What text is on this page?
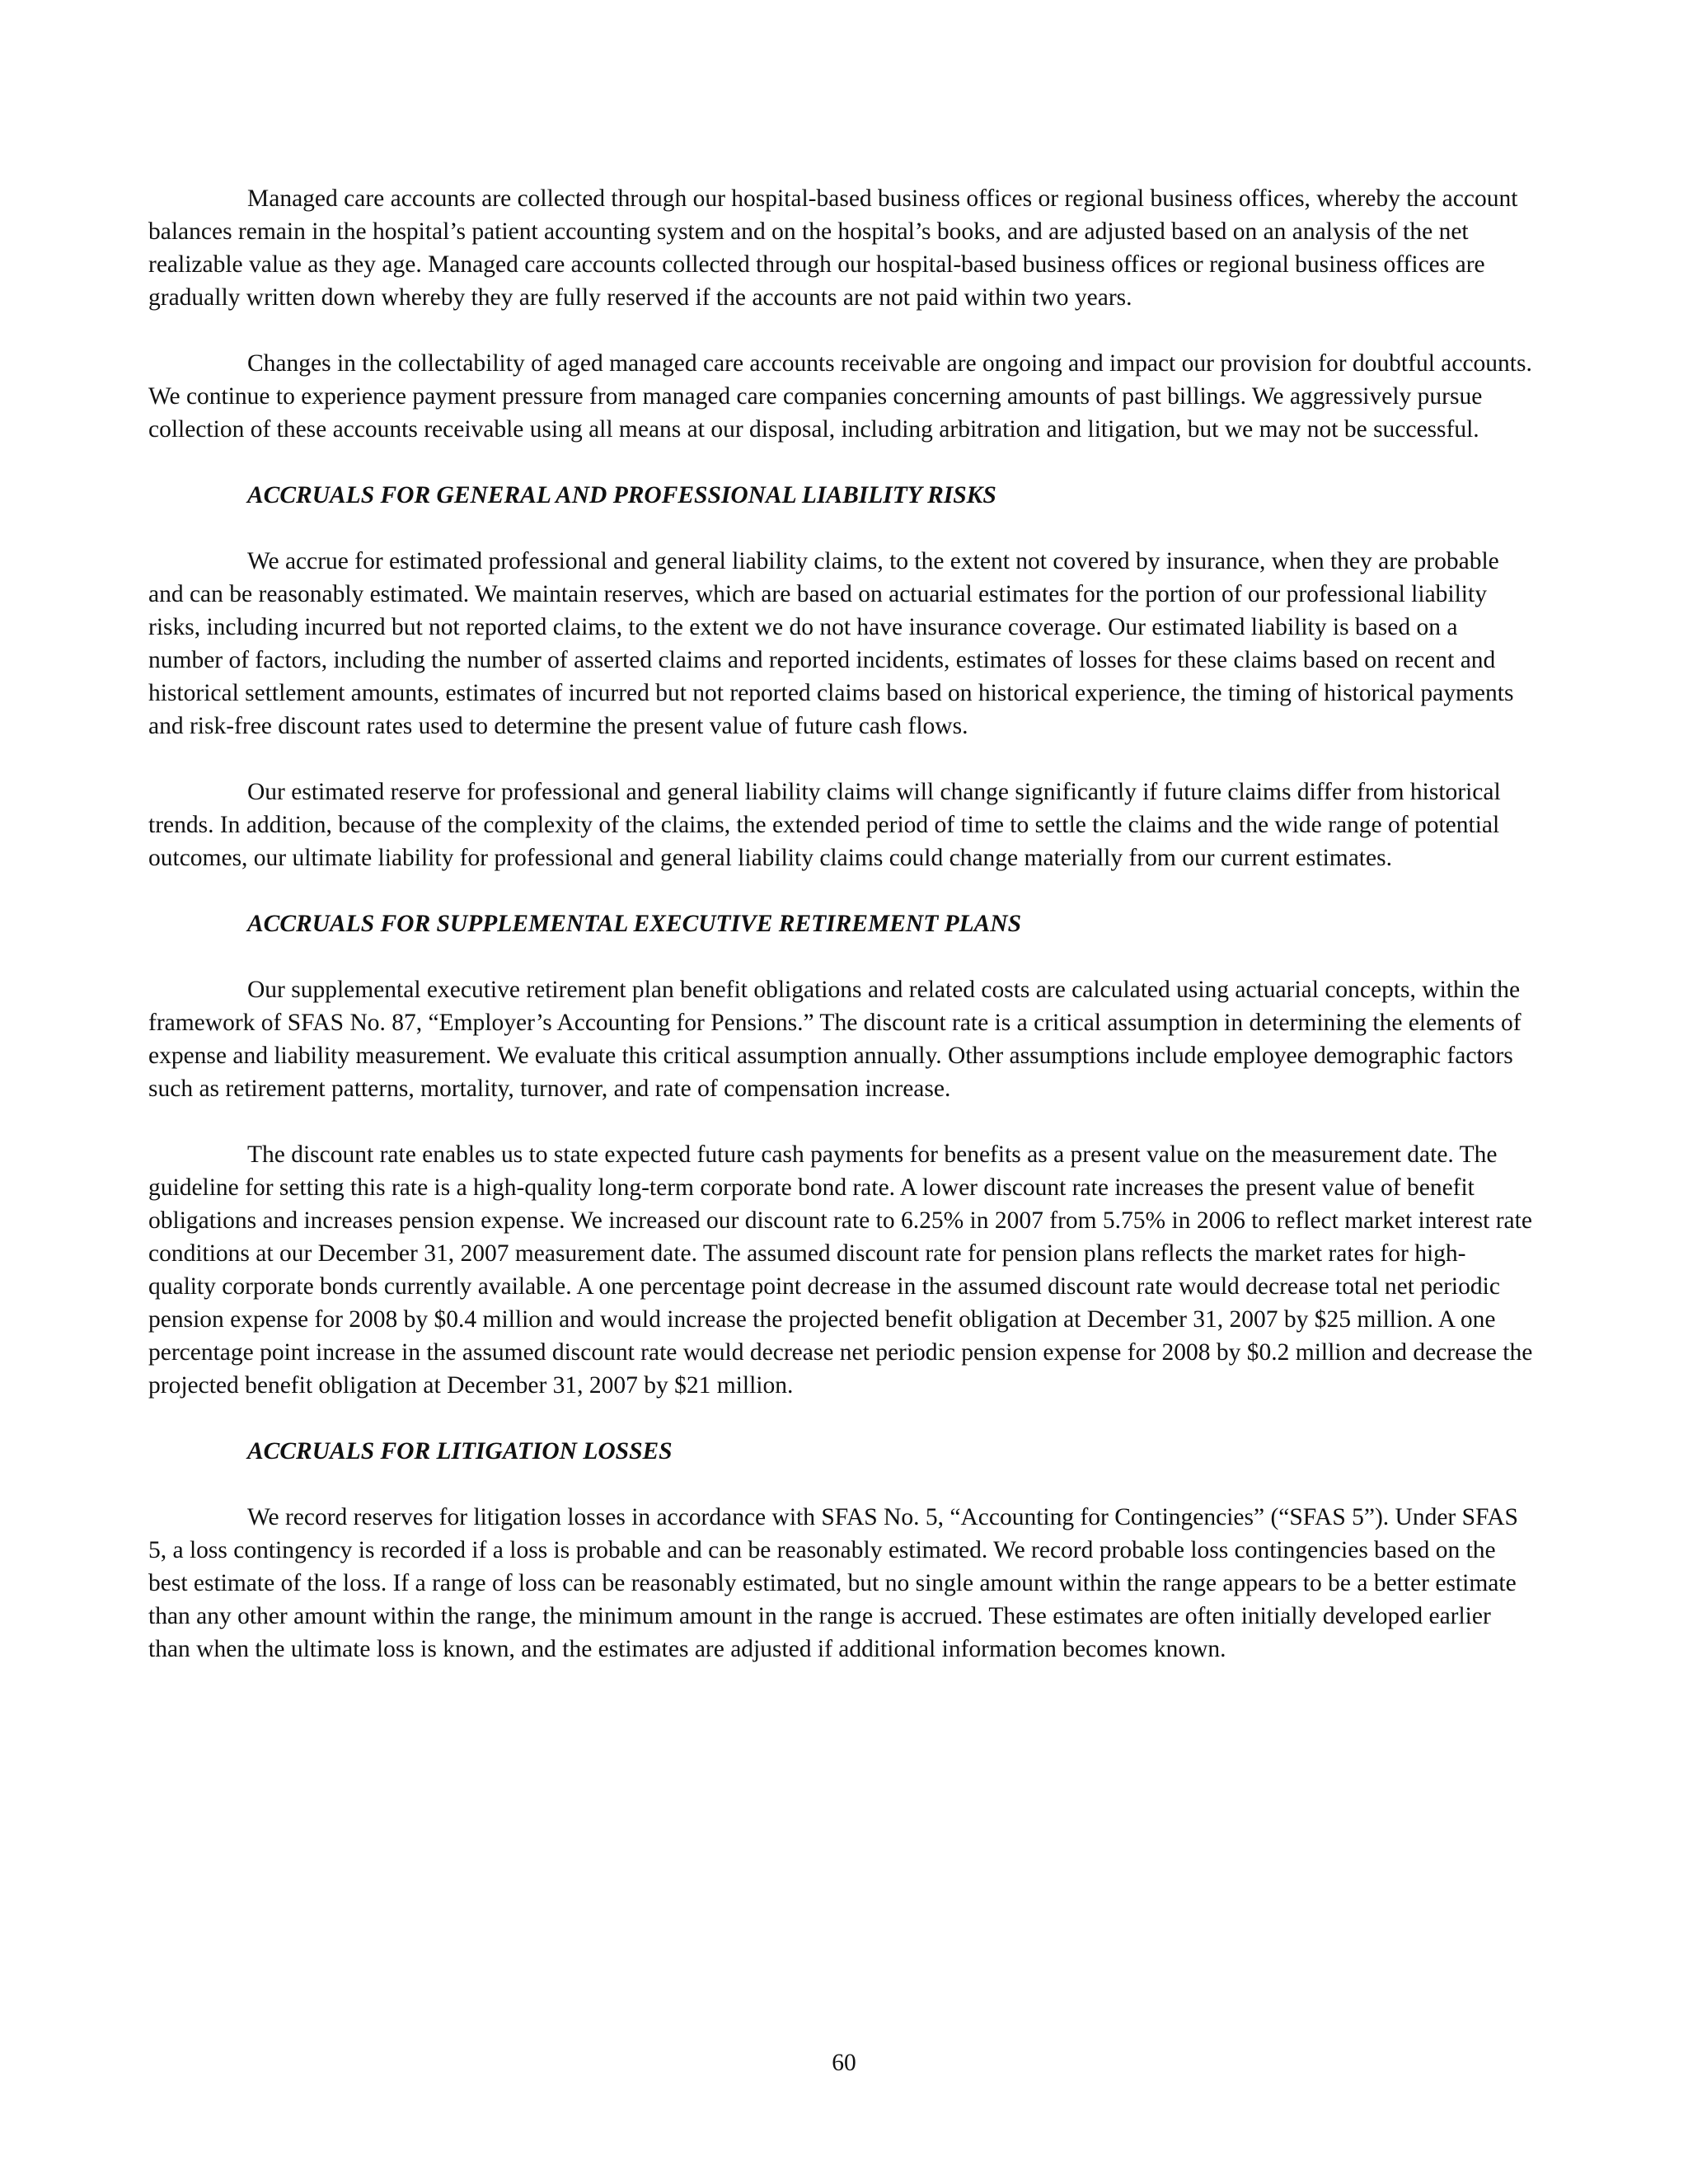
Managed care accounts are collected through our hospital-based business offices or regional business offices, whereby the account balances remain in the hospital’s patient accounting system and on the hospital’s books, and are adjusted based on an analysis of the net realizable value as they age. Managed care accounts collected through our hospital-based business offices or regional business offices are gradually written down whereby they are fully reserved if the accounts are not paid within two years.

Changes in the collectability of aged managed care accounts receivable are ongoing and impact our provision for doubtful accounts. We continue to experience payment pressure from managed care companies concerning amounts of past billings. We aggressively pursue collection of these accounts receivable using all means at our disposal, including arbitration and litigation, but we may not be successful.

ACCRUALS FOR GENERAL AND PROFESSIONAL LIABILITY RISKS

We accrue for estimated professional and general liability claims, to the extent not covered by insurance, when they are probable and can be reasonably estimated. We maintain reserves, which are based on actuarial estimates for the portion of our professional liability risks, including incurred but not reported claims, to the extent we do not have insurance coverage. Our estimated liability is based on a number of factors, including the number of asserted claims and reported incidents, estimates of losses for these claims based on recent and historical settlement amounts, estimates of incurred but not reported claims based on historical experience, the timing of historical payments and risk-free discount rates used to determine the present value of future cash flows.

Our estimated reserve for professional and general liability claims will change significantly if future claims differ from historical trends. In addition, because of the complexity of the claims, the extended period of time to settle the claims and the wide range of potential outcomes, our ultimate liability for professional and general liability claims could change materially from our current estimates.

ACCRUALS FOR SUPPLEMENTAL EXECUTIVE RETIREMENT PLANS

Our supplemental executive retirement plan benefit obligations and related costs are calculated using actuarial concepts, within the framework of SFAS No. 87, “Employer’s Accounting for Pensions.” The discount rate is a critical assumption in determining the elements of expense and liability measurement. We evaluate this critical assumption annually. Other assumptions include employee demographic factors such as retirement patterns, mortality, turnover, and rate of compensation increase.

The discount rate enables us to state expected future cash payments for benefits as a present value on the measurement date. The guideline for setting this rate is a high-quality long-term corporate bond rate. A lower discount rate increases the present value of benefit obligations and increases pension expense. We increased our discount rate to 6.25% in 2007 from 5.75% in 2006 to reflect market interest rate conditions at our December 31, 2007 measurement date. The assumed discount rate for pension plans reflects the market rates for high-quality corporate bonds currently available. A one percentage point decrease in the assumed discount rate would decrease total net periodic pension expense for 2008 by $0.4 million and would increase the projected benefit obligation at December 31, 2007 by $25 million. A one percentage point increase in the assumed discount rate would decrease net periodic pension expense for 2008 by $0.2 million and decrease the projected benefit obligation at December 31, 2007 by $21 million.

ACCRUALS FOR LITIGATION LOSSES

We record reserves for litigation losses in accordance with SFAS No. 5, “Accounting for Contingencies” (“SFAS 5”). Under SFAS 5, a loss contingency is recorded if a loss is probable and can be reasonably estimated. We record probable loss contingencies based on the best estimate of the loss. If a range of loss can be reasonably estimated, but no single amount within the range appears to be a better estimate than any other amount within the range, the minimum amount in the range is accrued. These estimates are often initially developed earlier than when the ultimate loss is known, and the estimates are adjusted if additional information becomes known.

60
